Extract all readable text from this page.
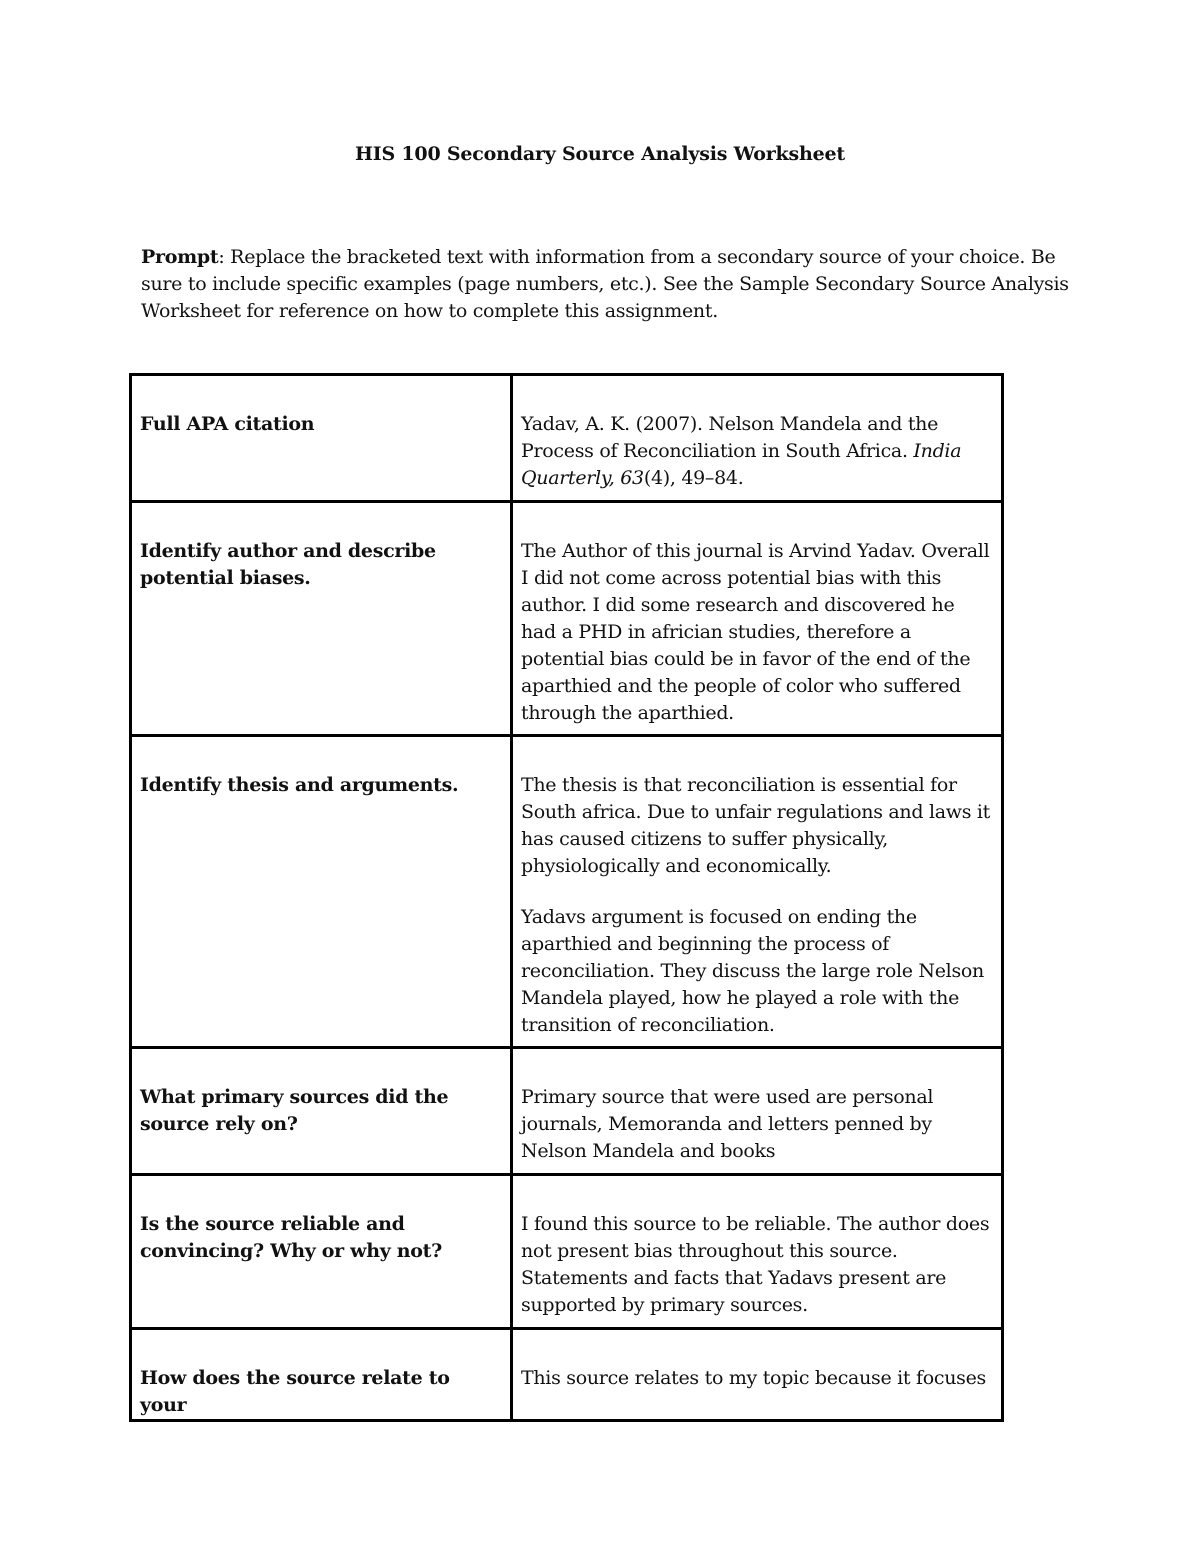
HIS 100 Secondary Source Analysis Worksheet
Prompt: Replace the bracketed text with information from a secondary source of your choice. Be sure to include specific examples (page numbers, etc.). See the Sample Secondary Source Analysis Worksheet for reference on how to complete this assignment.
Full APA citation	Yadav, A. K. (2007). Nelson Mandela and the Process of Reconciliation in South Africa. India Quarterly, 63(4), 49–84.
Identify author and describe potential biases.	The Author of this journal is Arvind Yadav. Overall I did not come across potential bias with this author. I did some research and discovered he had a PHD in africian studies, therefore a potential bias could be in favor of the end of the aparthied and the people of color who suffered through the aparthied.

Identify thesis and arguments.	The thesis is that reconciliation is essential for South africa. Due to unfair regulations and laws it has caused citizens to suffer physically, physiologically and economically.

Yadavs argument is focused on ending the aparthied and beginning the process of reconciliation. They discuss the large role Nelson Mandela played, how he played a role with the transition of reconciliation.

What primary sources did the source rely on?	Primary source that were used are personal journals, Memoranda and letters penned by Nelson Mandela and books

Is the source reliable and convincing? Why or why not?	I found this source to be reliable. The author does not present bias throughout this source. Statements and facts that Yadavs present are supported by primary sources.

How does the source relate to your	This source relates to my topic because it focuses
